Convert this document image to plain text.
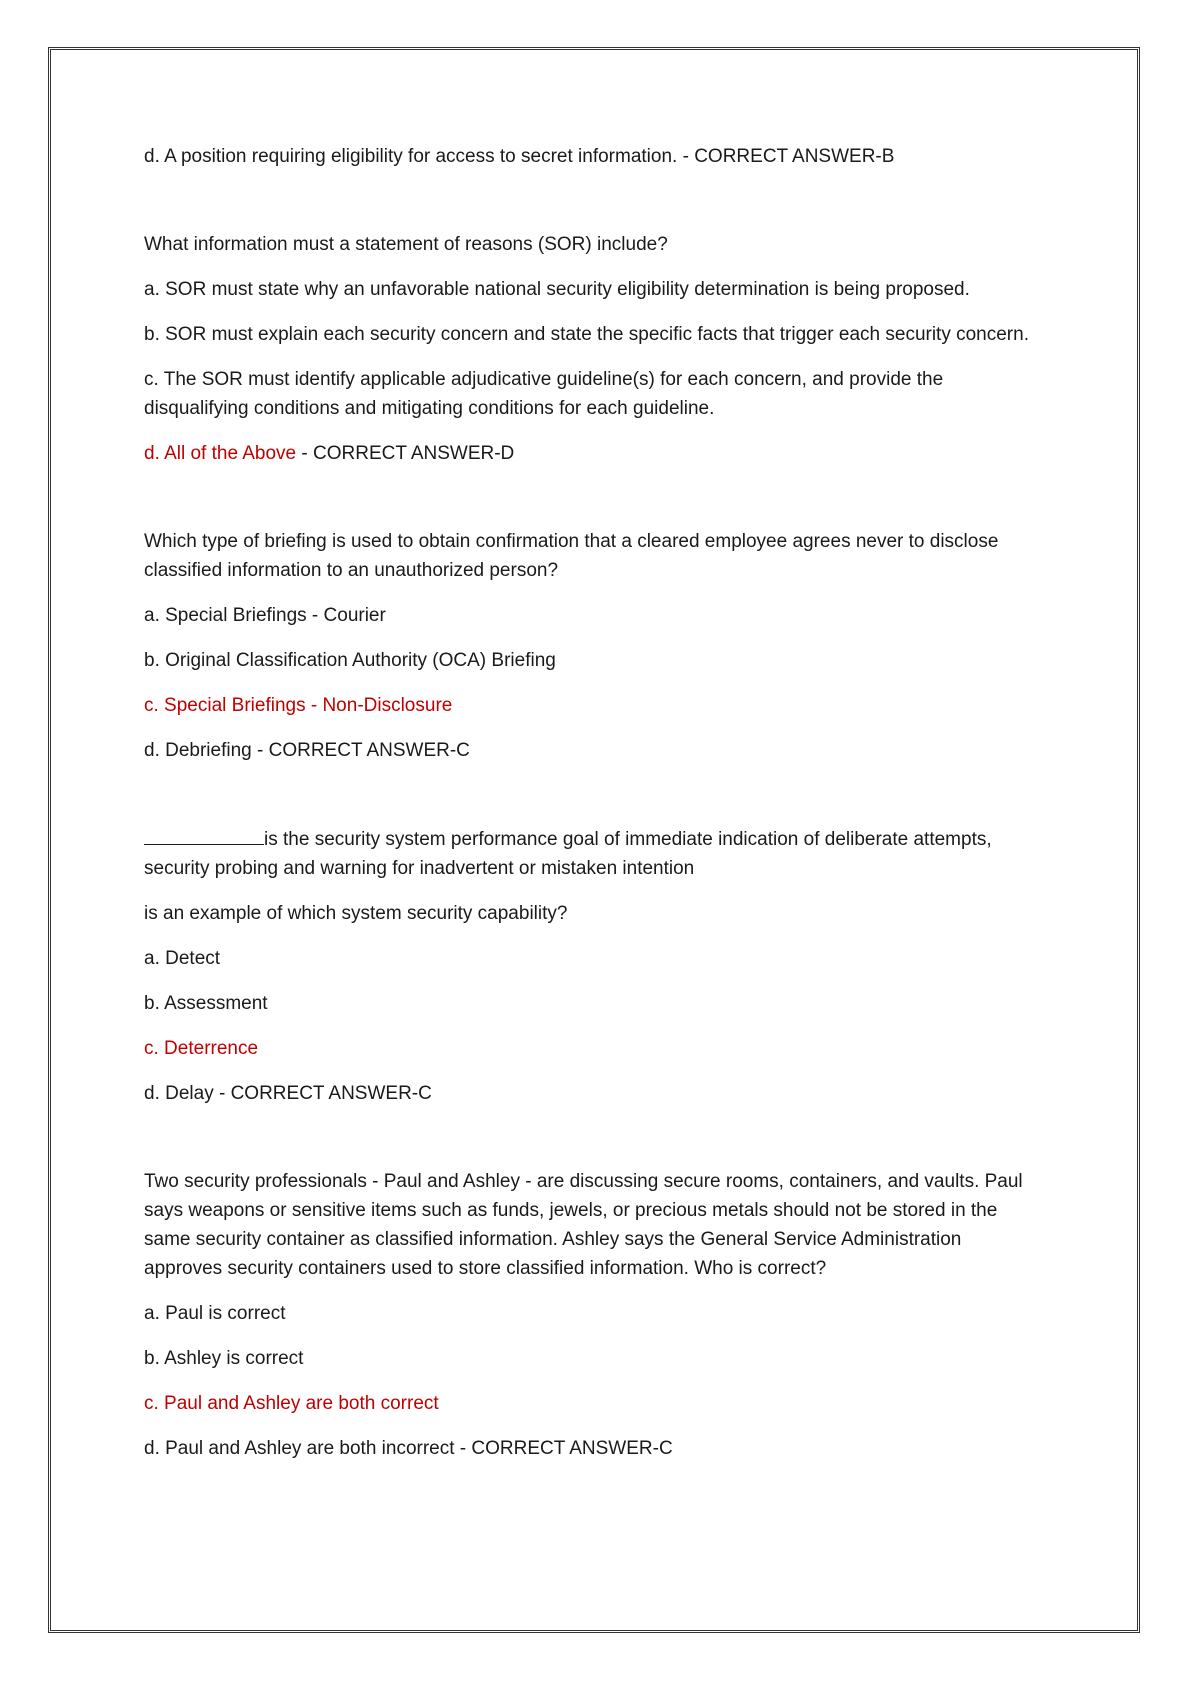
d. A position requiring eligibility for access to secret information. - CORRECT ANSWER-B

What information must a statement of reasons (SOR) include?

a. SOR must state why an unfavorable national security eligibility determination is being proposed.

b. SOR must explain each security concern and state the specific facts that trigger each security concern.

c. The SOR must identify applicable adjudicative guideline(s) for each concern, and provide the disqualifying conditions and mitigating conditions for each guideline.

d. All of the Above - CORRECT ANSWER-D

Which type of briefing is used to obtain confirmation that a cleared employee agrees never to disclose classified information to an unauthorized person?

a. Special Briefings - Courier

b. Original Classification Authority (OCA) Briefing

c. Special Briefings - Non-Disclosure

d. Debriefing - CORRECT ANSWER-C

is the security system performance goal of immediate indication of deliberate attempts, security probing and warning for inadvertent or mistaken intention

is an example of which system security capability?

a. Detect

b. Assessment

c. Deterrence

d. Delay - CORRECT ANSWER-C

Two security professionals - Paul and Ashley - are discussing secure rooms, containers, and vaults. Paul says weapons or sensitive items such as funds, jewels, or precious metals should not be stored in the same security container as classified information. Ashley says the General Service Administration approves security containers used to store classified information. Who is correct?

a. Paul is correct

b. Ashley is correct

c. Paul and Ashley are both correct

d. Paul and Ashley are both incorrect - CORRECT ANSWER-C
